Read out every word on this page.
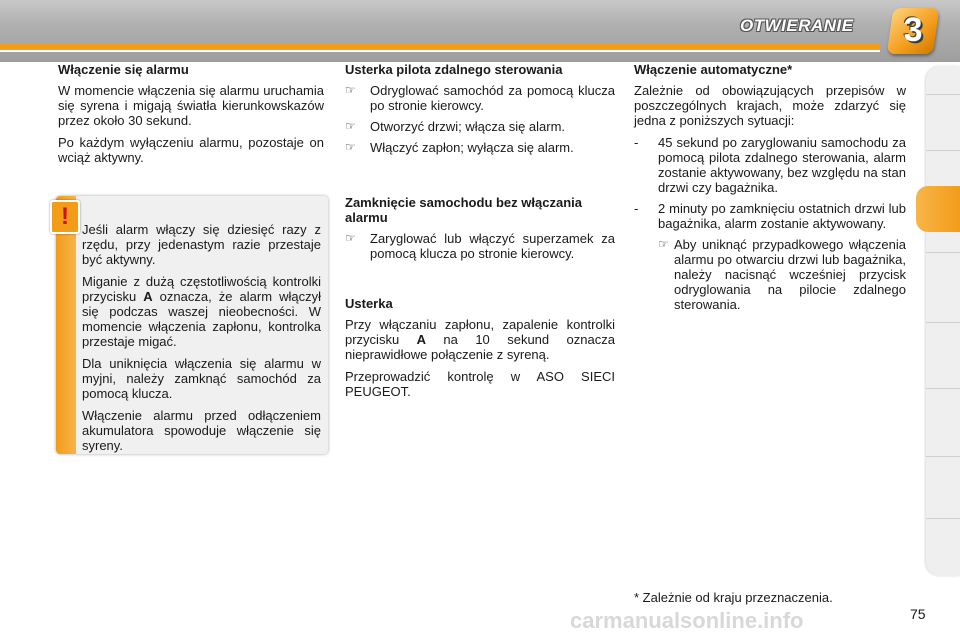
OTWIERANIE	3
Włączenie się alarmu

W momencie włączenia się alarmu uruchamia się syrena i migają światła kierunkowskazów przez około 30 sekund.

Po każdym wyłączeniu alarmu, pozostaje on wciąż aktywny.

!	Jeśli alarm włączy się dziesięć razy z rzędu, przy jedenastym razie przestaje być aktywny.

Miganie z dużą częstotliwością kontrolki przycisku A oznacza, że alarm włączył się podczas waszej nieobecności. W momencie włączenia zapłonu, kontrolka przestaje migać.

Dla uniknięcia włączenia się alarmu w myjni, należy zamknąć samochód za pomocą klucza.

Włączenie alarmu przed odłączeniem akumulatora spowoduje włączenie się syreny.

Usterka pilota zdalnego sterowania
☞	Odryglować samochód za pomocą klucza po stronie kierowcy.
☞	Otworzyć drzwi; włącza się alarm.
☞	Włączyć zapłon; wyłącza się alarm.
Zamknięcie samochodu bez włączania alarmu
☞	Zaryglować lub włączyć superzamek za pomocą klucza po stronie kierowcy.
Usterka

Przy włączaniu zapłonu, zapalenie kontrolki przycisku A na 10 sekund oznacza nieprawidłowe połączenie z syreną.

Przeprowadzić kontrolę w ASO SIECI PEUGEOT.

Włączenie automatyczne*

Zależnie od obowiązujących przepisów w poszczególnych krajach, może zdarzyć się jedna z poniższych sytuacji:

-	45 sekund po zaryglowaniu samochodu za pomocą pilota zdalnego sterowania, alarm zostanie aktywowany, bez względu na stan drzwi czy bagażnika.
-	2 minuty po zamknięciu ostatnich drzwi lub bagażnika, alarm zostanie aktywowany.
☞ Aby uniknąć przypadkowego włączenia alarmu po otwarciu drzwi lub bagażnika, należy nacisnąć wcześniej przycisk odryglowania na pilocie zdalnego sterowania.
* Zależnie od kraju przeznaczenia.
carmanualsonline.info	75
